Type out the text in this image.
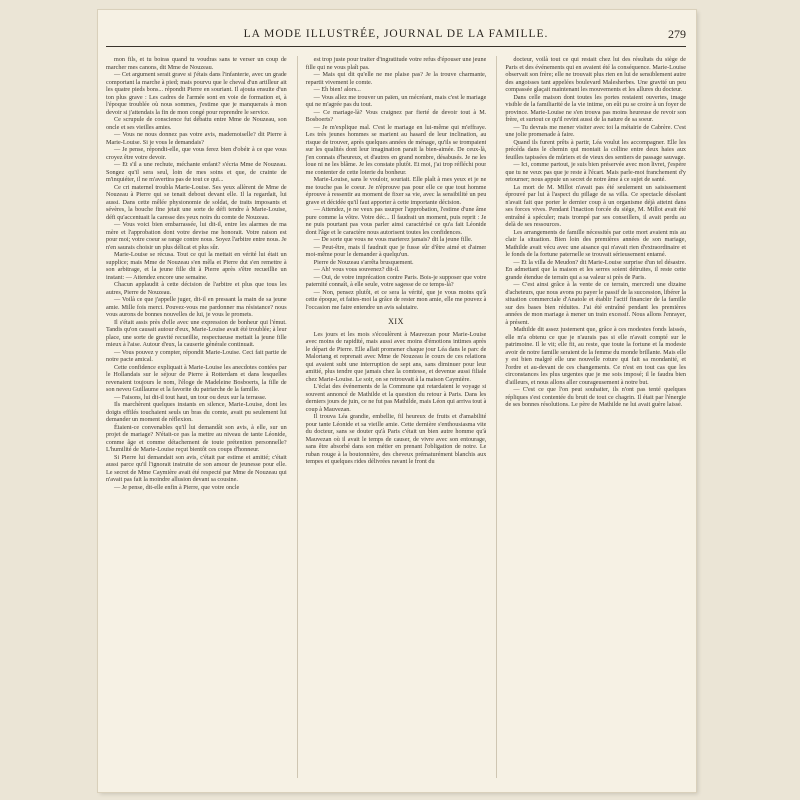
LA MODE ILLUSTRÉE, JOURNAL DE LA FAMILLE.	279

mon fils, et tu boiras quand tu voudras sans te verser un coup de marcher mes canons, dit Mme de Nouzeau.

— Cet argument serait grave si j'étais dans l'infanterie, avec un grade comportant la marche à pied; mais pourvu que le cheval d'un artilleur ait les quatre pieds bons... répondit Pierre en souriant. Il ajouta ensuite d'un ton plus grave : Les cadres de l'armée sont en voie de formation et, à l'époque troublée où nous sommes, j'estime que je manquerais à mon devoir si j'attendais la fin de mon congé pour reprendre le service.

Ce scrupule de conscience fut débattu entre Mme de Nouzeau, son oncle et ses vieilles amies.

— Vous ne nous donnez pas votre avis, mademoiselle? dit Pierre à Marie-Louise. Si je vous le demandais?

— Je pense, répondit-elle, que vous ferez bien d'obéir à ce que vous croyez être votre devoir.

— Et s'il a une rechute, méchante enfant? s'écria Mme de Nouzeau. Songez qu'il sera seul, loin de mes soins et que, de crainte de m'inquiéter, il ne m'avertira pas de tout ce qui...

Ce cri maternel troubla Marie-Louise. Ses yeux allèrent de Mme de Nouzeau à Pierre qui se tenait debout devant elle. Il la regardait, lui aussi. Dans cette mêlée physionomie de soldat, de traits imposants et sévères, la bouche fine jetait une sorte de défi tendre à Marie-Louise, défi qu'accentuait la caresse des yeux noirs du comte de Nouzeau.

— Vous voici bien embarrassée, lui dit-il, entre les alarmes de ma mère et l'approbation dont votre devise me honorait. Votre raison est pour moi; votre coeur se range contre nous. Soyez l'arbitre entre nous. Je n'en saurais choisir un plus délicat et plus sûr.

Marie-Louise se récusa. Tout ce qui la mettait en vérité lui était un supplice; mais Mme de Nouzeau s'en mêla et Pierre dut s'en remettre à son arbitrage, et la jeune fille dit à Pierre après s'être recueillie un instant: — Attendez encore une semaine.

Chacun applaudit à cette décision de l'arbitre et plus que tous les autres, Pierre de Nouzeau.

— Voilà ce que j'appelle juger, dit-il en pressant la main de sa jeune amie. Mille fois merci. Pouvez-vous me pardonner ma résistance? nous vous aurons de bonnes nouvelles de lui, je vous le promets.

Il s'était assis près d'elle avec une expression de bonheur qui l'émut. Tandis qu'on causait autour d'eux, Marie-Louise avait été troublée; à leur place, une sorte de gravité recueillie, respectueuse mettait la jeune fille mieux à l'aise. Autour d'eux, la causerie générale continuait.

— Vous pouvez y compter, répondit Marie-Louise. Ceci fait partie de notre pacte amical.

Cette confidence expliquait à Marie-Louise les anecdotes contées par le Hollandais sur le séjour de Pierre à Rotterdam et dans lesquelles revenaient toujours le nom, l'éloge de Madeleine Bosboerts, la fille de son neveu Guillaume et la favorite du patriarche de la famille.

— Faisons, lui dit-il tout haut, un tour ou deux sur la terrasse.

Ils marchèrent quelques instants en silence, Marie-Louise, dont les doigts effilés touchaient seuls un bras du comte, avait pu seulement lui demander un moment de réflexion.

Étaient-ce convenables qu'il lui demandât son avis, à elle, sur un projet de mariage? N'était-ce pas la mettre au niveau de tante Léonide, comme âge et comme détachement de toute prétention personnelle? L'humilité de Marie-Louise reçut bientôt ces coups d'honneur.

Si Pierre lui demandait son avis, c'était par estime et amitié; c'était aussi parce qu'il l'ignorait instruite de son amour de jeunesse pour elle. Le secret de Mme Caymière avait été respecté par Mme de Nouzeau qui n'avait pas fait la moindre allusion devant sa cousine.

— Je pense, dit-elle enfin à Pierre, que votre oncle

est trop juste pour traiter d'ingratitude votre refus d'épouser une jeune fille qui ne vous plaît pas.

— Mais qui dit qu'elle ne me plaise pas? Je la trouve charmante, repartit vivement le comte.

— Eh bien! alors...

— Vous allez me trouver un païen, un mécréant, mais c'est le mariage qui ne m'agrée pas du tout.

— Ce mariage-là? Vous craignez par fierté de devoir tout à M. Bosboerts?

— Je m'explique mal. C'est le mariage en lui-même qui m'effraye. Les très jeunes hommes se marient au hasard de leur inclination, au risque de trouver, après quelques années de ménage, qu'ils se trompaient sur les qualités dont leur imagination parait la bien-aimée. De ceux-là, j'en connais d'heureux, et d'autres en grand nombre, désabusés. Je ne les loue ni ne les blâme. Je les constate plutôt. Et moi, j'ai trop réfléchi pour me contenter de cette loterie du bonheur.

Marie-Louise, sans le vouloir, souriait. Elle plaît à mes yeux et je ne me touche pas le coeur. Je n'éprouve pas pour elle ce que tout homme éprouve à ressentir au moment de fixer sa vie, avec la sensibilité un peu grave et décidée qu'il faut apporter à cette importante décision.

— Attendez, je ne veux pas usurper l'approbation, l'estime d'une âme pure comme la vôtre. Votre déc... Il faudrait un moment, puis reprit : Je ne puis pourtant pas vous parler ainsi caractérisé ce qu'a fait Léonide dont l'âge et le caractère nous autorisent toutes les confidences.

— De sorte que vous ne vous marierez jamais? dit la jeune fille.

— Peut-être, mais il faudrait que je fusse sûr d'être aimé et d'aimer moi-même pour le demander à quelqu'un.

Pierre de Nouzeau s'arrêta brusquement.

— Ah! vous vous souvenez? dit-il.

— Oui, de votre imprécation contre Paris. Bois-je supposer que votre paternité connaît, à elle seule, votre sagesse de ce temps-là?

— Non, pensez plutôt, et ce sera la vérité, que je vous moins qu'à cette époque, et faites-moi la grâce de rester mon amie, elle me pouvez à l'occasion me faire entendre un avis salutaire.

XIX

Les jours et les mois s'écoulèrent à Mauvezan pour Marie-Louise avec moins de rapidité, mais aussi avec moins d'émotions intimes après le départ de Pierre. Elle allait promener chaque jour Léa dans le parc de Malortang et reprenait avec Mme de Nouzeau le cours de ces relations qui avaient subi une interruption de sept ans, sans diminuer pour leur amitié, plus tendre que jamais chez la comtesse, et devenue aussi filiale chez Marie-Louise. Le soir, on se retrouvait à la maison Caymière.

L'éclat des événements de la Commune qui retardaient le voyage si souvent annoncé de Mathilde et la question du retour à Paris. Dans les derniers jours de juin, ce ne fut pas Mathilde, mais Léon qui arriva tout à coup à Mauvezan.

Il trouva Léa grandie, embellie, fil heureux de fruits et d'amabilité pour tante Léonide et sa vieille amie. Cette dernière s'enthousiasma vite du docteur, sans se douter qu'à Paris c'était un bien autre homme qu'à Mauvezan où il avait le temps de causer, de vivre avec son entourage, sans être absorbé dans son métier en prenant l'obligation de notre. Le ruban rouge à la boutonnière, des cheveux prématurément blanchis aux tempes et quelques rides délivrées ravant le front du

docteur, voilà tout ce qui restait chez lui des résultats du siège de Paris et des événements qui en avaient été la conséquence. Marie-Louise observait son frère; elle ne trouvait plus rien en lui de sensiblement autre des angoisses tant appelées boulevard Malesherbes. Une gravité un peu compassée glaçait maintenant les mouvements et les allures du docteur.

Dans celle maison dont toutes les portes restaient ouvertes, image visible de la familiarité de la vie intime, on eût pu se croire à un foyer de province. Marie-Louise ne s'en trouva pas moins heureuse de revoir son frère, et surtout ce qu'il revint aussi de la nature de sa soeur.

— Tu devrais me mener visiter avec toi la métairie de Cabrère. C'est une jolie promenade à faire.

Quand ils furent prêts à partir, Léa voulut les accompagner. Elle les précéda dans le chemin qui montait la colline entre deux haies aux feuilles tapissées de mûriers et de vieux des sentiers de passage sauvage.

— Ici, comme partout, je suis bien préservée avec mon livret, j'espère que tu ne veux pas que je reste à l'écart. Mais parle-moi franchement d'y retourner; nous appuie un secret de notre âme à ce sujet de santé.

La mort de M. Millot n'avait pas été seulement un saisissement éprouvé par lui à l'aspect du pillage de sa villa. Ce spectacle désolant n'avait fait que porter le dernier coup à un organisme déjà atteint dans ses forces vives. Pendant l'inaction forcée du siège, M. Millot avait été entraîné à spéculer; mais trompé par ses conseillers, il avait perdu au delà de ses ressources.

Les arrangements de famille nécessités par cette mort avaient mis au clair la situation. Bien loin des premières années de son mariage, Mathilde avait vécu avec une aisance qui n'avait rien d'extraordinaire et le fonds de la fortune paternelle se trouvait sérieusement entamé.

— Et la villa de Meudon? dit Marie-Louise surprise d'un tel désastre. En admettant que la maison et les serres soient détruites, il reste cette grande étendue de terrain qui a sa valeur si près de Paris.

— C'est ainsi grâce à la vente de ce terrain, mercredi une dizaine d'acheteurs, que nous avons pu payer le passif de la succession, libérer la situation commerciale d'Anatole et établir l'actif financier de la famille sur des bases bien réduites. J'ai été entraîné pendant les premières années de mon mariage à mener un train excessif. Nous allons l'enrayer, à présent.

Mathilde dit assez justement que, grâce à ces modestes fonds laissés, elle m'a obtenu ce que je n'aurais pas si elle n'avait compté sur le patrimoine. Il le vit; elle fit, au reste, que toute la fortune et la modeste avoir de notre famille seraient de la femme du monde brillante. Mais elle y est bien malgré elle une nouvelle roture qui fait sa mondanité, et l'ordre et au-devant de ces changements. Ce n'est en tout cas que les circonstances les plus urgentes que je me sois imposé; il le faudra bien d'ailleurs, et nous allons aller courageusement à notre but.

— C'est ce que l'on peut souhaiter, ils n'ont pas tenté quelques répliques s'est contentée du bruit de tout ce chagrin. Il était par l'énergie de ses bonnes résolutions. Le père de Mathilde ne lui avait guère laissé.
